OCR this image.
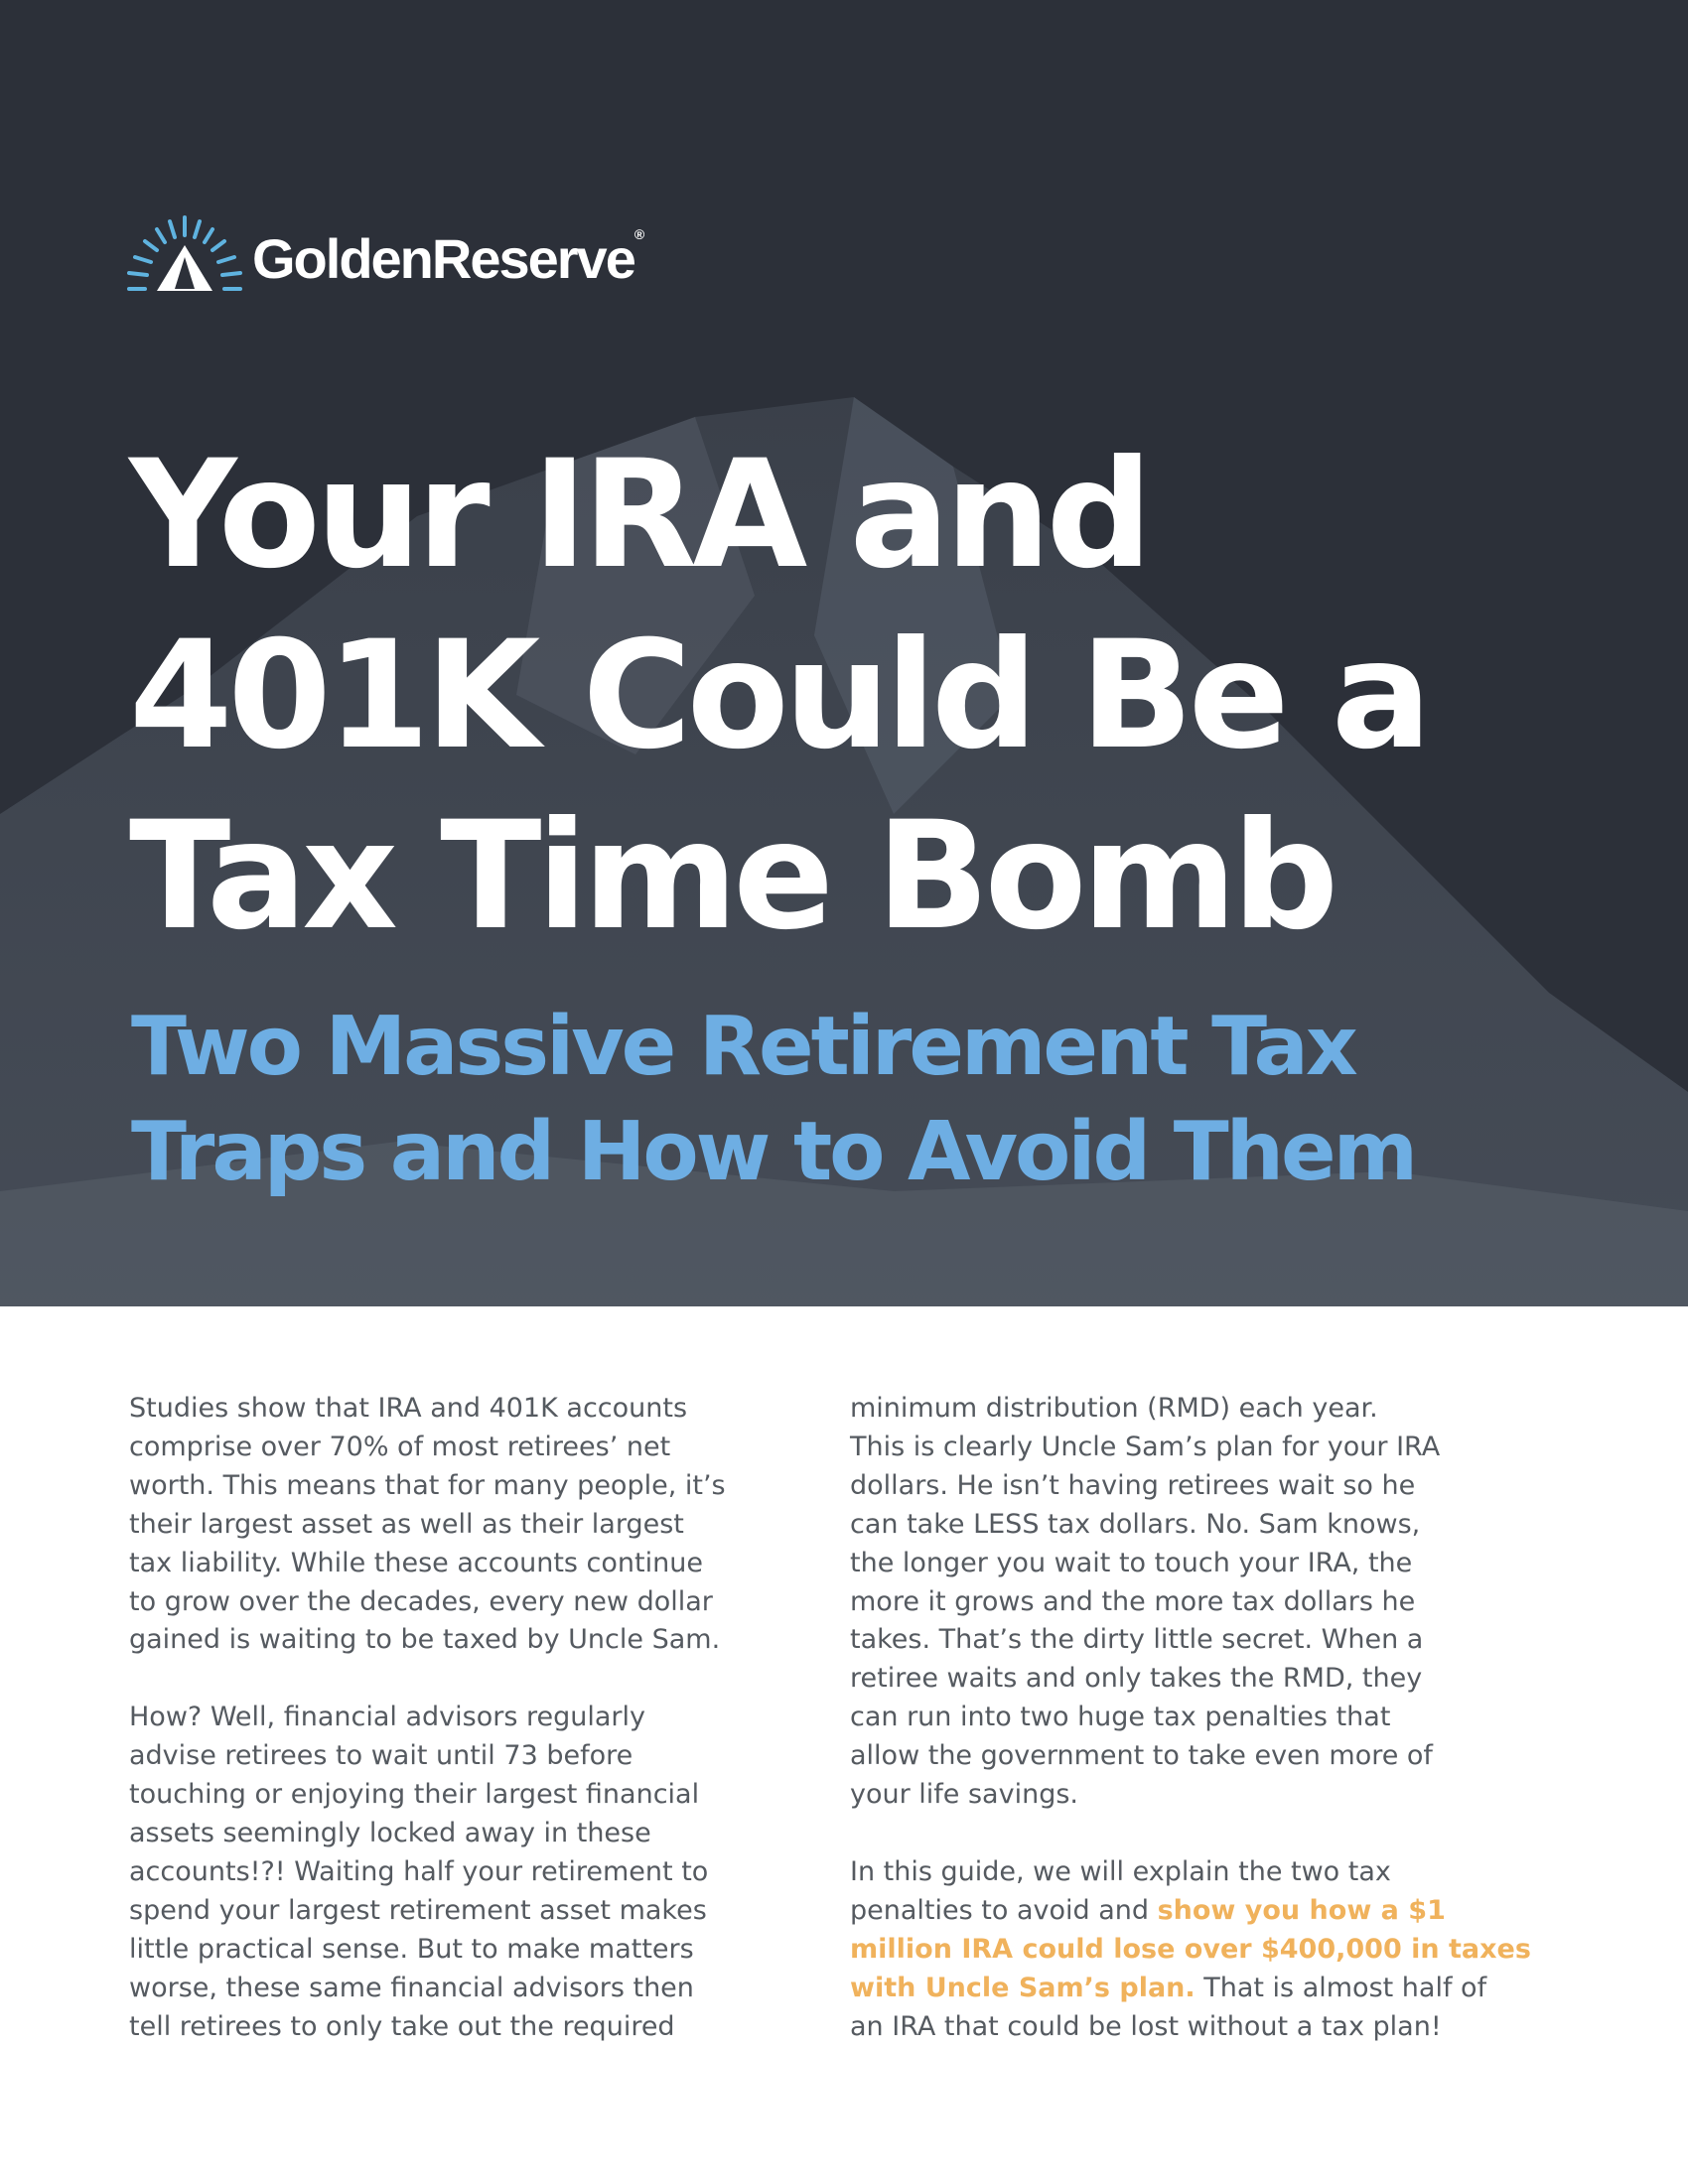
GoldenReserve®
Your IRA and
401K Could Be a
Tax Time Bomb
Two Massive Retirement Tax
Traps and How to Avoid Them
Studies show that IRA and 401K accounts
comprise over 70% of most retirees’ net
worth. This means that for many people, it’s
their largest asset as well as their largest
tax liability. While these accounts continue
to grow over the decades, every new dollar
gained is waiting to be taxed by Uncle Sam.
How? Well, financial advisors regularly
advise retirees to wait until 73 before
touching or enjoying their largest financial
assets seemingly locked away in these
accounts!?! Waiting half your retirement to
spend your largest retirement asset makes
little practical sense. But to make matters
worse, these same financial advisors then
tell retirees to only take out the required
minimum distribution (RMD) each year.
This is clearly Uncle Sam’s plan for your IRA
dollars. He isn’t having retirees wait so he
can take LESS tax dollars. No. Sam knows,
the longer you wait to touch your IRA, the
more it grows and the more tax dollars he
takes. That’s the dirty little secret. When a
retiree waits and only takes the RMD, they
can run into two huge tax penalties that
allow the government to take even more of
your life savings.
In this guide, we will explain the two tax
penalties to avoid and show you how a $1
million IRA could lose over $400,000 in taxes
with Uncle Sam’s plan. That is almost half of
an IRA that could be lost without a tax plan!
